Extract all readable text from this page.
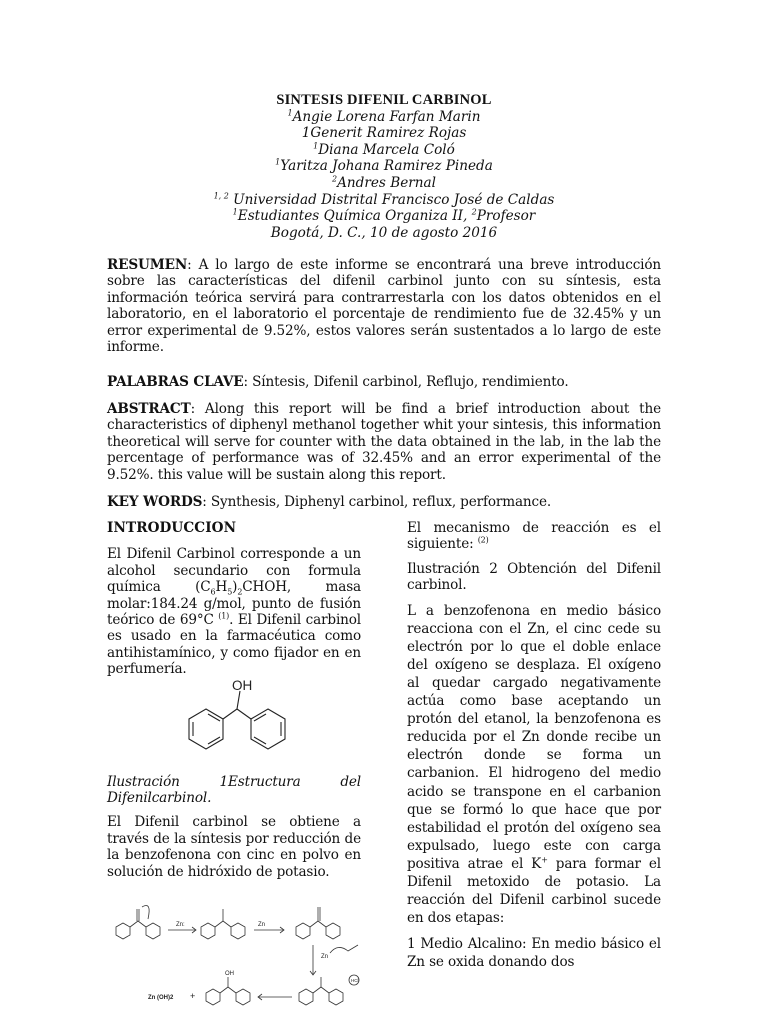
SINTESIS DIFENIL CARBINOL
$^1$Angie Lorena Farfan Marin
1Generit Ramirez Rojas
$^1$Diana Marcela Coló
$^1$Yaritza Johana Ramirez Pineda
$^2$Andres Bernal
$^{1, 2}$ Universidad Distrital Francisco José de Caldas
$^1$Estudiantes Química Organiza II, $^2$Profesor
Bogotá, D. C., 10 de agosto 2016
RESUMEN: A lo largo de este informe se encontrará una breve introducción sobre las características del difenil carbinol junto con su síntesis, esta información teórica servirá para contrarrestarla con los datos obtenidos en el laboratorio, en el laboratorio el porcentaje de rendimiento fue de 32.45% y un error experimental de 9.52%, estos valores serán sustentados a lo largo de este informe.
PALABRAS CLAVE: Síntesis, Difenil carbinol, Reflujo, rendimiento.
ABSTRACT: Along this report will be find a brief introduction about the characteristics of diphenyl methanol together whit your sintesis, this information theoretical will serve for counter with the data obtained in the lab, in the lab the percentage of performance was of 32.45% and an error experimental of the 9.52%. this value will be sustain along this report.
KEY WORDS: Synthesis, Diphenyl carbinol, reflux, performance.
INTRODUCCION

El Difenil Carbinol corresponde a un alcohol secundario con formula química $(C_6H_5)_2CHOH$, masa molar:184.24 g/mol, punto de fusión teórico de 69°C $^{(1)}$. El Difenil carbinol es usado en la farmacéutica como antihistamínico, y como fijador en en perfumería.

Ilustración 1Estructura del Difenilcarbinol.

El Difenil carbinol se obtiene a través de la síntesis por reducción de la benzofenona con cinc en polvo en solución de hidróxido de potasio.

OH
Zn:	Zn
Zn
OH
Zn (OH)2 +
HCl

El mecanismo de reacción es el siguiente: $^{(2)}$

Ilustración 2 Obtención del Difenil carbinol.

L a benzofenona en medio básico reacciona con el Zn, el cinc cede su electrón por lo que el doble enlace del oxígeno se desplaza. El oxígeno al quedar cargado negativamente actúa como base aceptando un protón del etanol, la benzofenona es reducida por el Zn donde recibe un electrón donde se forma un carbanion. El hidrogeno del medio acido se transpone en el carbanion que se formó lo que hace que por estabilidad el protón del oxígeno sea expulsado, luego este con carga positiva atrae el K+ para formar el Difenil metoxido de potasio. La reacción del Difenil carbinol sucede en dos etapas:

1 Medio Alcalino: En medio básico el Zn se oxida donando dos
